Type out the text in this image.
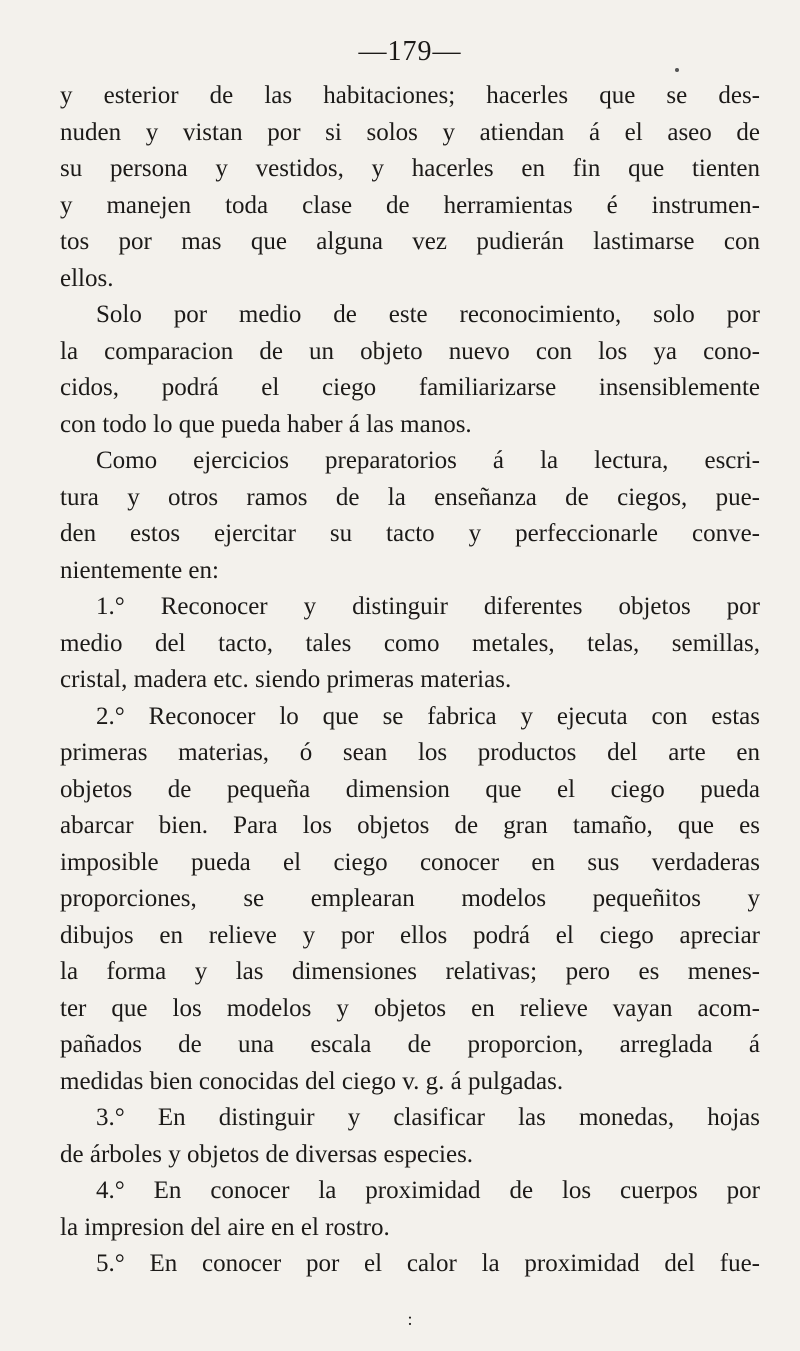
—179—
y esterior de las habitaciones; hacerles que se des-
nuden y vistan por si solos y atiendan á el aseo de
su persona y vestidos, y hacerles en fin que tienten
y manejen toda clase de herramientas é instrumen-
tos por mas que alguna vez pudierán lastimarse con
ellos.
Solo por medio de este reconocimiento, solo por
la comparacion de un objeto nuevo con los ya cono-
cidos, podrá el ciego familiarizarse insensiblemente
con todo lo que pueda haber á las manos.
Como ejercicios preparatorios á la lectura, escri-
tura y otros ramos de la enseñanza de ciegos, pue-
den estos ejercitar su tacto y perfeccionarle conve-
nientemente en:
1.° Reconocer y distinguir diferentes objetos por
medio del tacto, tales como metales, telas, semillas,
cristal, madera etc. siendo primeras materias.
2.° Reconocer lo que se fabrica y ejecuta con estas
primeras materias, ó sean los productos del arte en
objetos de pequeña dimension que el ciego pueda
abarcar bien. Para los objetos de gran tamaño, que es
imposible pueda el ciego conocer en sus verdaderas
proporciones, se emplearan modelos pequeñitos y
dibujos en relieve y por ellos podrá el ciego apreciar
la forma y las dimensiones relativas; pero es menes-
ter que los modelos y objetos en relieve vayan acom-
pañados de una escala de proporcion, arreglada á
medidas bien conocidas del ciego v. g. á pulgadas.
3.° En distinguir y clasificar las monedas, hojas
de árboles y objetos de diversas especies.
4.° En conocer la proximidad de los cuerpos por
la impresion del aire en el rostro.
5.° En conocer por el calor la proximidad del fue-
:
